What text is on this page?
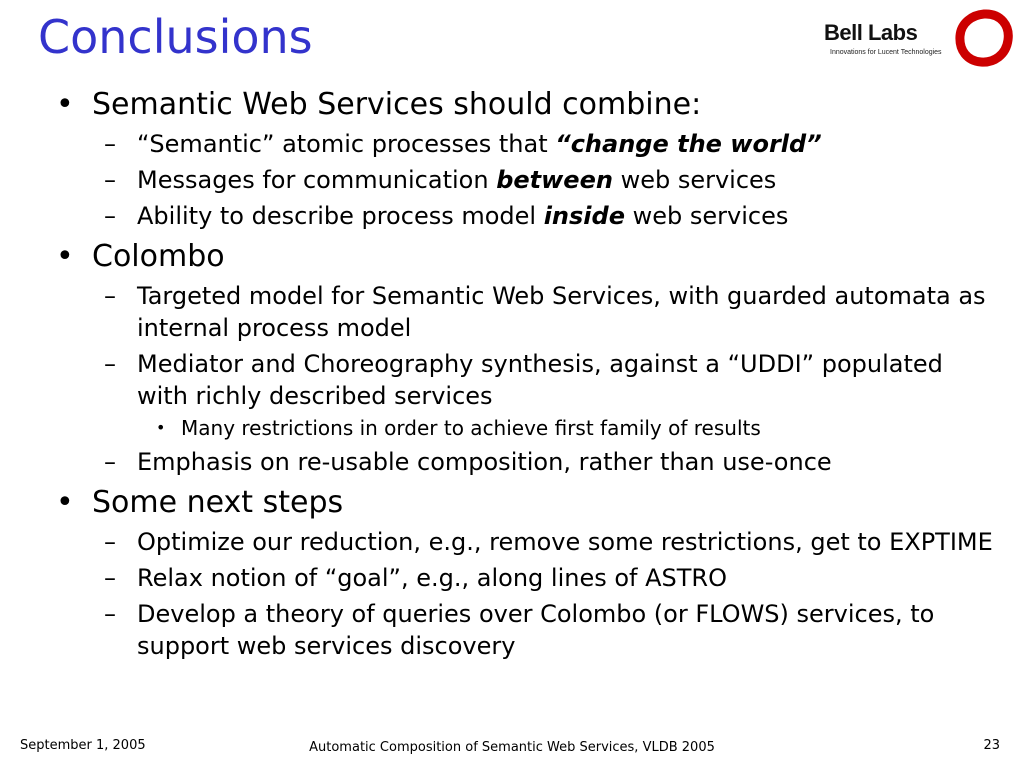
Conclusions	Bell Labs
Innovations for Lucent Technologies
• Semantic Web Services should combine:
– “Semantic” atomic processes that “change the world”
– Messages for communication between web services
– Ability to describe process model inside web services
• Colombo
– Targeted model for Semantic Web Services, with guarded automata as internal process model
– Mediator and Choreography synthesis, against a “UDDI” populated with richly described services
• Many restrictions in order to achieve first family of results
– Emphasis on re-usable composition, rather than use-once
• Some next steps
– Optimize our reduction, e.g., remove some restrictions, get to EXPTIME
– Relax notion of “goal”, e.g., along lines of ASTRO
– Develop a theory of queries over Colombo (or FLOWS) services, to support web services discovery
September 1, 2005	Automatic Composition of Semantic Web Services, VLDB 2005	23
